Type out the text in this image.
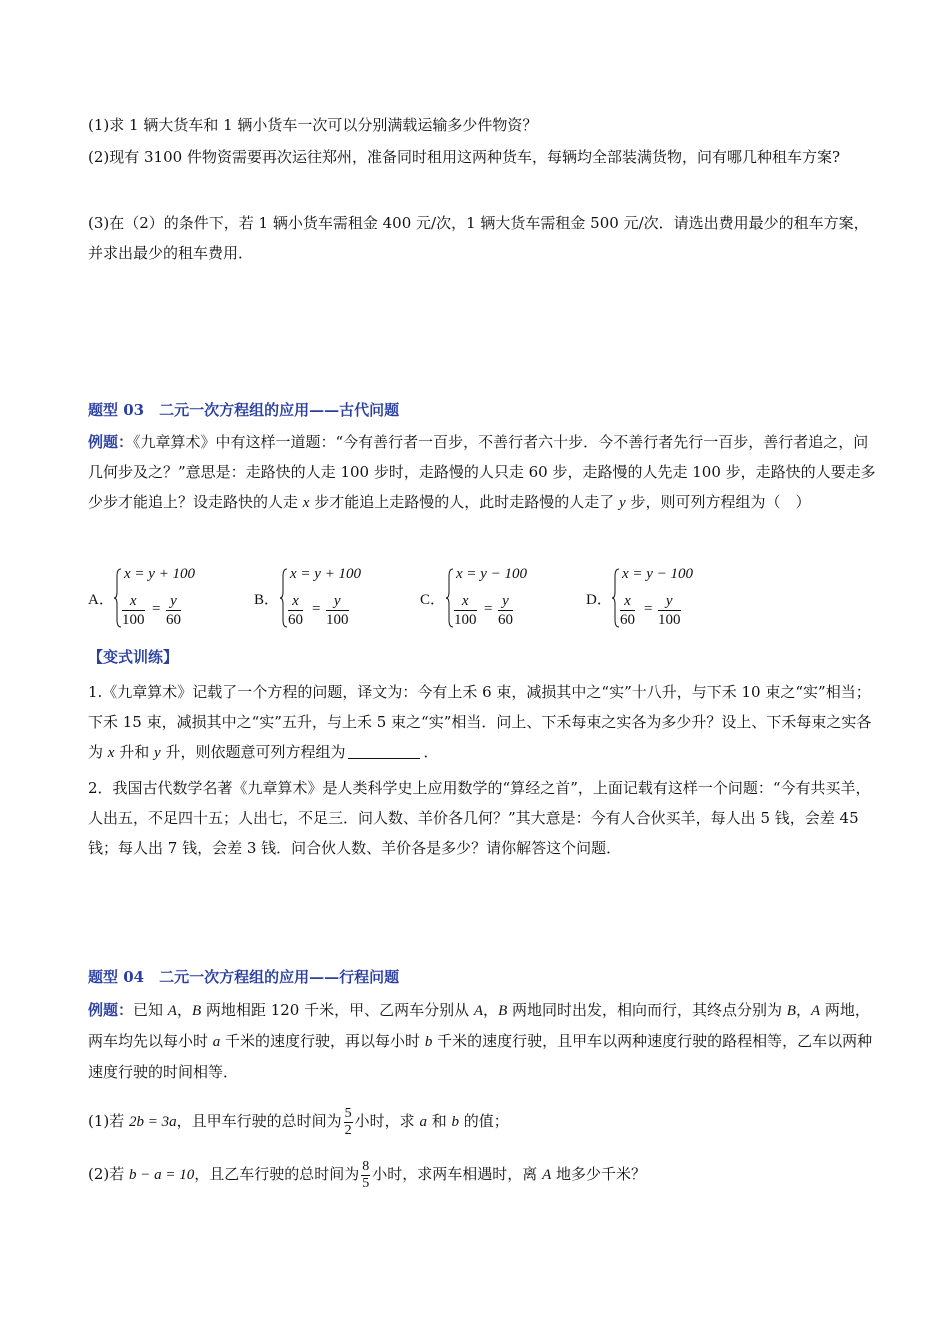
(1)求 1 辆大货车和 1 辆小货车一次可以分别满载运输多少件物资？

(2)现有 3100 件物资需要再次运往郑州，准备同时租用这两种货车，每辆均全部装满货物，问有哪几种租车方案?

(3)在（2）的条件下，若 1 辆小货车需租金 400 元/次，1 辆大货车需租金 500 元/次．请选出费用最少的租车方案，并求出最少的租车费用．

题型 03　二元一次方程组的应用——古代问题

例题：《九章算术》中有这样一道题：“今有善行者一百步，不善行者六十步．今不善行者先行一百步，善行者追之，问几何步及之？”意思是：走路快的人走 100 步时，走路慢的人只走 60 步，走路慢的人先走 100 步，走路快的人要走多少步才能追上？设走路快的人走 x 步才能追上走路慢的人，此时走路慢的人走了 y 步，则可列方程组为（　）

A．
x = y + 100
$\frac{x}{100} = \frac{y}{60}$	B．
x = y + 100
$\frac{x}{60} = \frac{y}{100}$	C．
x = y − 100
$\frac{x}{100} = \frac{y}{60}$	D．
x = y − 100
$\frac{x}{60} = \frac{y}{100}$

【变式训练】

1.《九章算术》记载了一个方程的问题，译文为：今有上禾 6 束，减损其中之“实”十八升，与下禾 10 束之“实”相当；下禾 15 束，减损其中之“实”五升，与上禾 5 束之“实”相当．问上、下禾每束之实各为多少升？设上、下禾每束之实各为 x 升和 y 升，则依题意可列方程组为	．

2．我国古代数学名著《九章算术》是人类科学史上应用数学的“算经之首”，上面记载有这样一个问题：“今有共买羊，人出五，不足四十五；人出七，不足三．问人数、羊价各几何？”其大意是：今有人合伙买羊，每人出 5 钱，会差 45 钱；每人出 7 钱，会差 3 钱．问合伙人数、羊价各是多少？请你解答这个问题．

题型 04　二元一次方程组的应用——行程问题

例题：已知 A，B 两地相距 120 千米，甲、乙两车分别从 A，B 两地同时出发，相向而行，其终点分别为 B，A 两地，两车均先以每小时 a 千米的速度行驶，再以每小时 b 千米的速度行驶，且甲车以两种速度行驶的路程相等，乙车以两种速度行驶的时间相等．

(1)若 2b = 3a，且甲车行驶的总时间为 $\frac{5}{2}$ 小时，求 a 和 b 的值；

(2)若 b − a = 10，且乙车行驶的总时间为 $\frac{8}{5}$ 小时，求两车相遇时，离 A 地多少千米？
